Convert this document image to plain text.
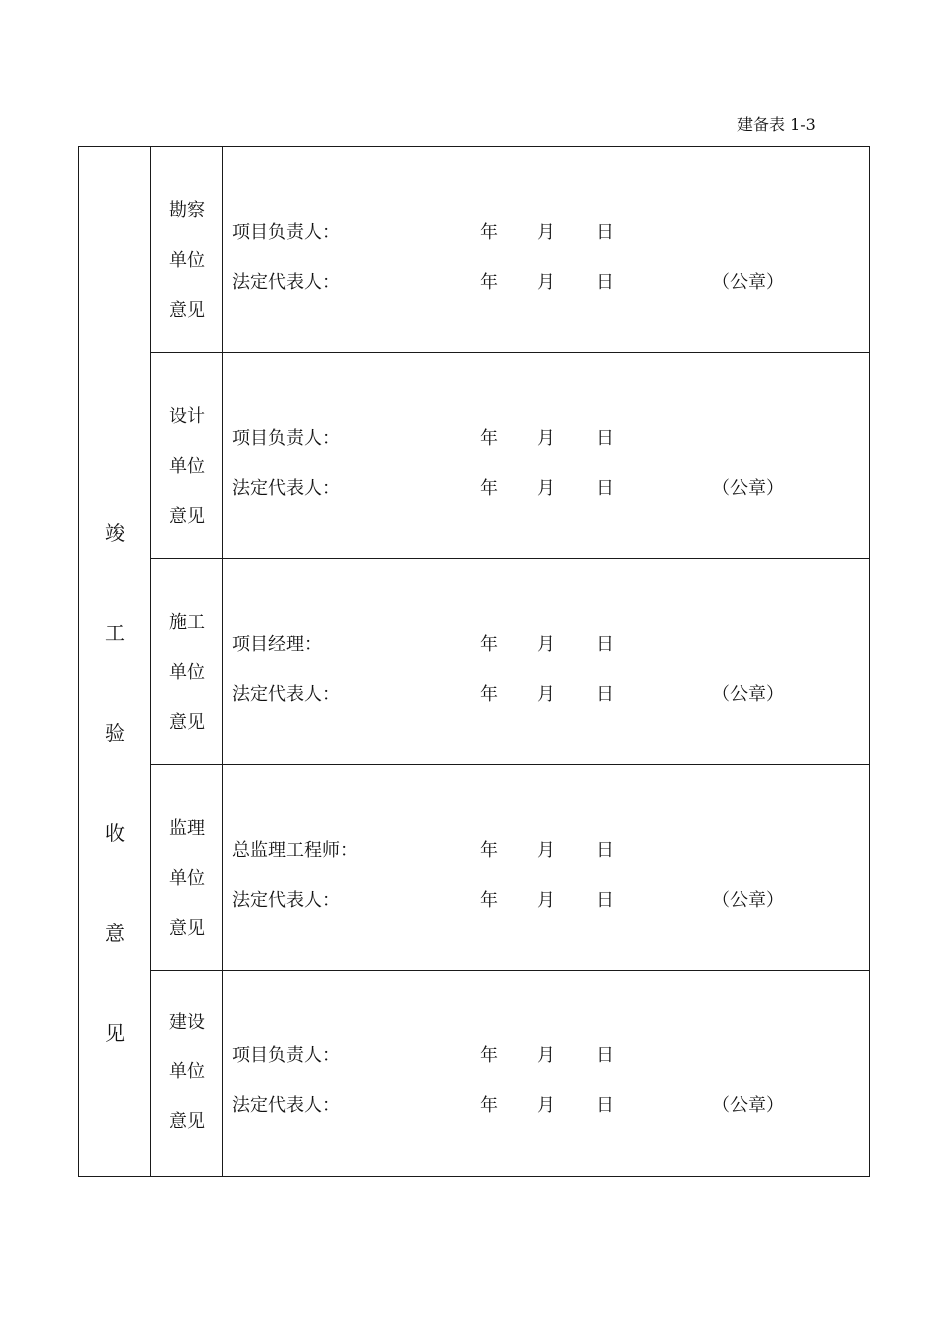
建备表 1-3
竣
工
验
收
意
见
勘察
单位
意见
项目负责人：	年 月 日
法定代表人：	年 月 日	（公章）
设计
单位
意见
项目负责人：	年 月 日
法定代表人：	年 月 日	（公章）
施工
单位
意见
项目经理：	年 月 日
法定代表人：	年 月 日	（公章）
监理
单位
意见
总监理工程师：	年 月 日
法定代表人：	年 月 日	（公章）
建设
单位
意见
项目负责人：	年 月 日
法定代表人：	年 月 日	（公章）
